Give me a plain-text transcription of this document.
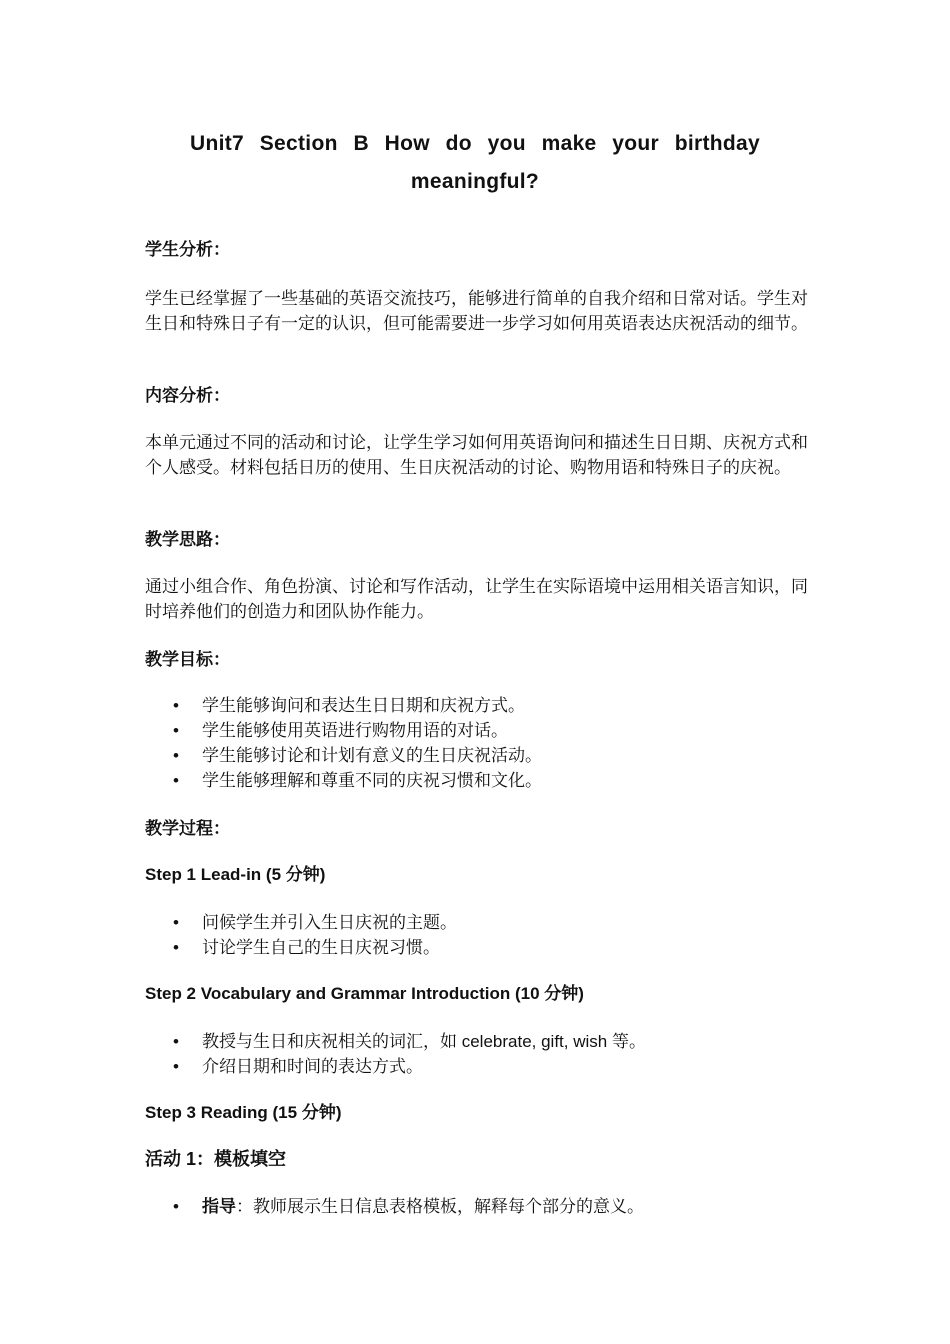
Unit7 Section B How do you make your birthday meaningful?
学生分析：
学生已经掌握了一些基础的英语交流技巧，能够进行简单的自我介绍和日常对话。学生对生日和特殊日子有一定的认识，但可能需要进一步学习如何用英语表达庆祝活动的细节。
内容分析：
本单元通过不同的活动和讨论，让学生学习如何用英语询问和描述生日日期、庆祝方式和个人感受。材料包括日历的使用、生日庆祝活动的讨论、购物用语和特殊日子的庆祝。
教学思路：
通过小组合作、角色扮演、讨论和写作活动，让学生在实际语境中运用相关语言知识，同时培养他们的创造力和团队协作能力。
教学目标：
• 学生能够询问和表达生日日期和庆祝方式。
• 学生能够使用英语进行购物用语的对话。
• 学生能够讨论和计划有意义的生日庆祝活动。
• 学生能够理解和尊重不同的庆祝习惯和文化。
教学过程：
Step 1 Lead-in (5 分钟)
• 问候学生并引入生日庆祝的主题。
• 讨论学生自己的生日庆祝习惯。
Step 2 Vocabulary and Grammar Introduction (10 分钟)
• 教授与生日和庆祝相关的词汇，如 celebrate, gift, wish 等。
• 介绍日期和时间的表达方式。
Step 3 Reading (15 分钟)
活动 1：模板填空
• 指导：教师展示生日信息表格模板，解释每个部分的意义。
